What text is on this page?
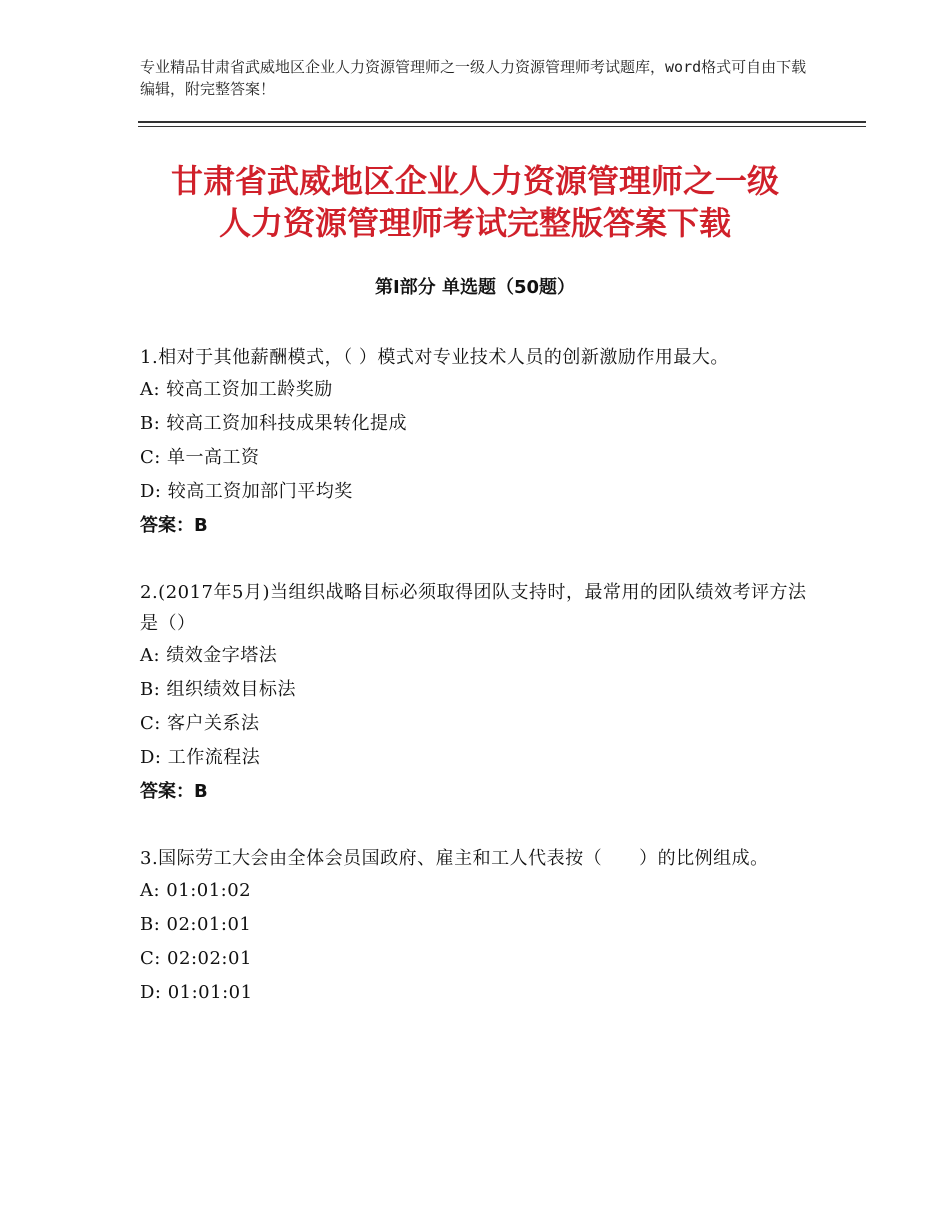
专业精品甘肃省武威地区企业人力资源管理师之一级人力资源管理师考试题库，word格式可自由下载编辑，附完整答案！
甘肃省武威地区企业人力资源管理师之一级
人力资源管理师考试完整版答案下载
第Ⅰ部分 单选题（50题）
1.相对于其他薪酬模式，（ ）模式对专业技术人员的创新激励作用最大。
A: 较高工资加工龄奖励
B: 较高工资加科技成果转化提成
C: 单一高工资
D: 较高工资加部门平均奖
答案：B
2.(2017年5月)当组织战略目标必须取得团队支持时，最常用的团队绩效考评方法是（）
A: 绩效金字塔法
B: 组织绩效目标法
C: 客户关系法
D: 工作流程法
答案：B
3.国际劳工大会由全体会员国政府、雇主和工人代表按（　　）的比例组成。
A: 01:01:02
B: 02:01:01
C: 02:02:01
D: 01:01:01
